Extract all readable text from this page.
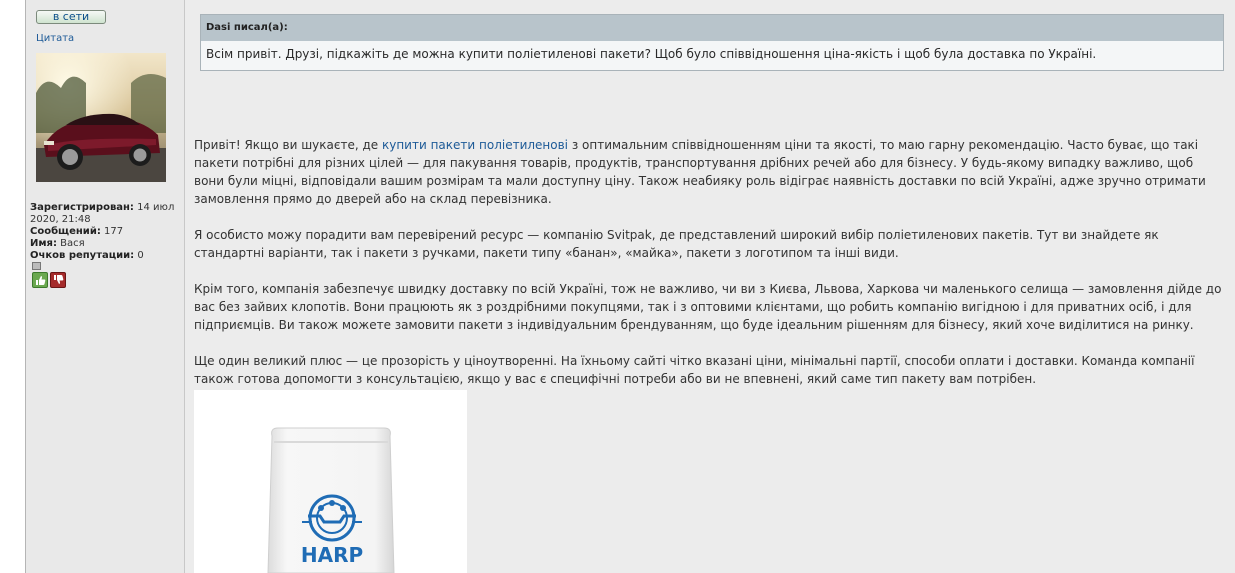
в сети
Цитата
Зарегистрирован: 14 июл 2020, 21:48
Сообщений: 177
Имя: Вася
Очков репутации: 0
Dasi писал(а):
Всім привіт. Друзі, підкажіть де можна купити поліетиленові пакети? Щоб було співвідношення ціна-якість і щоб була доставка по Україні.

Привіт! Якщо ви шукаєте, де купити пакети поліетиленові з оптимальним співвідношенням ціни та якості, то маю гарну рекомендацію. Часто буває, що такі пакети потрібні для різних цілей — для пакування товарів, продуктів, транспортування дрібних речей або для бізнесу. У будь-якому випадку важливо, щоб вони були міцні, відповідали вашим розмірам та мали доступну ціну. Також неабияку роль відіграє наявність доставки по всій Україні, адже зручно отримати замовлення прямо до дверей або на склад перевізника.

Я особисто можу порадити вам перевірений ресурс — компанію Svitpak, де представлений широкий вибір поліетиленових пакетів. Тут ви знайдете як стандартні варіанти, так і пакети з ручками, пакети типу «банан», «майка», пакети з логотипом та інші види.

Крім того, компанія забезпечує швидку доставку по всій Україні, тож не важливо, чи ви з Києва, Львова, Харкова чи маленького селища — замовлення дійде до вас без зайвих клопотів. Вони працюють як з роздрібними покупцями, так і з оптовими клієнтами, що робить компанію вигідною і для приватних осіб, і для підприємців. Ви також можете замовити пакети з індивідуальним брендуванням, що буде ідеальним рішенням для бізнесу, який хоче виділитися на ринку.

Ще один великий плюс — це прозорість у ціноутворенні. На їхньому сайті чітко вказані ціни, мінімальні партії, способи оплати і доставки. Команда компанії також готова допомогти з консультацією, якщо у вас є специфічні потреби або ви не впевнені, який саме тип пакету вам потрібен.

HARP
